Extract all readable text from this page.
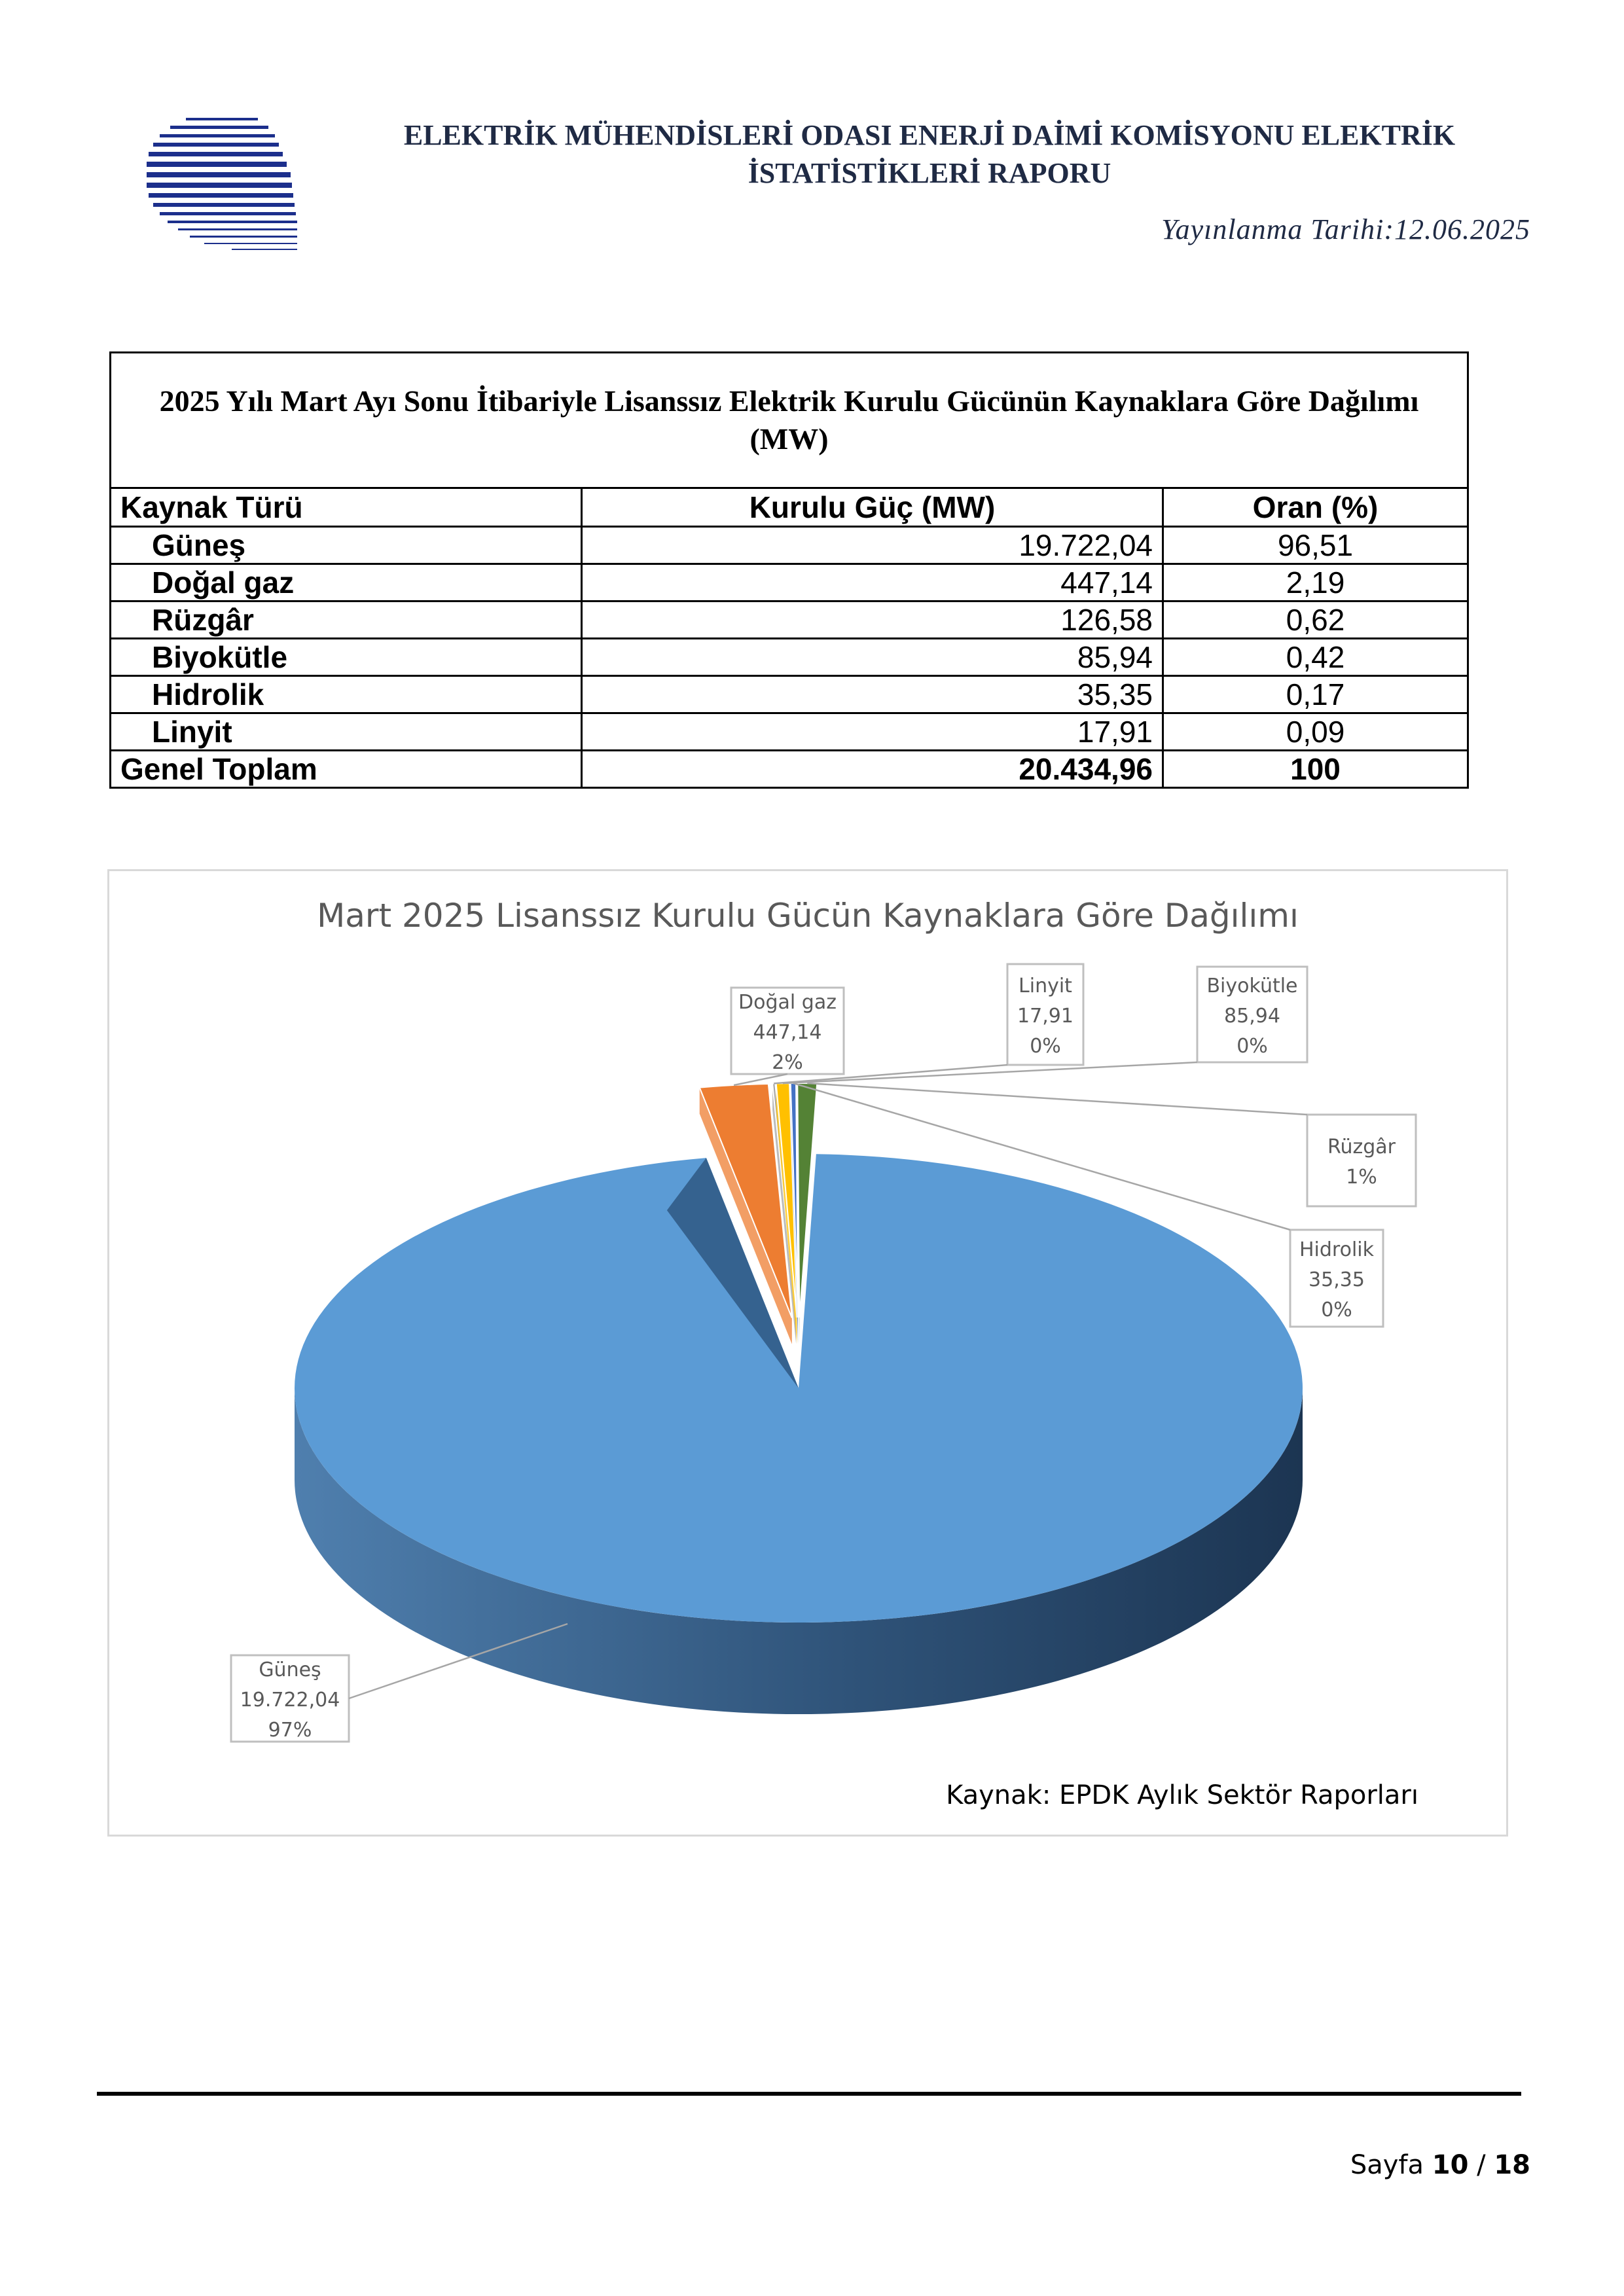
ELEKTRİK MÜHENDİSLERİ ODASI ENERJİ DAİMİ KOMİSYONU ELEKTRİK
İSTATİSTİKLERİ RAPORU
Yayınlanma Tarihi:12.06.2025
2025 Yılı Mart Ayı Sonu İtibariyle Lisanssız Elektrik Kurulu Gücünün Kaynaklara Göre Dağılımı (MW)		
Kaynak Türü	Kurulu Güç (MW)	Oran (%)
Güneş	19.722,04	96,51
Doğal gaz	447,14	2,19
Rüzgâr	126,58	0,62
Biyokütle	85,94	0,42
Hidrolik	35,35	0,17
Linyit	17,91	0,09
Genel Toplam	20.434,96	100
Mart 2025 Lisanssız Kurulu Gücün Kaynaklara Göre Dağılımı
Güneş
19.722,04
97%
Doğal gaz
447,14
2%
Linyit
17,91
0%
Biyokütle
85,94
0%
Hidrolik
35,35
0%
Rüzgâr
1%
Kaynak: EPDK Aylık Sektör Raporları
Sayfa 10 / 18
